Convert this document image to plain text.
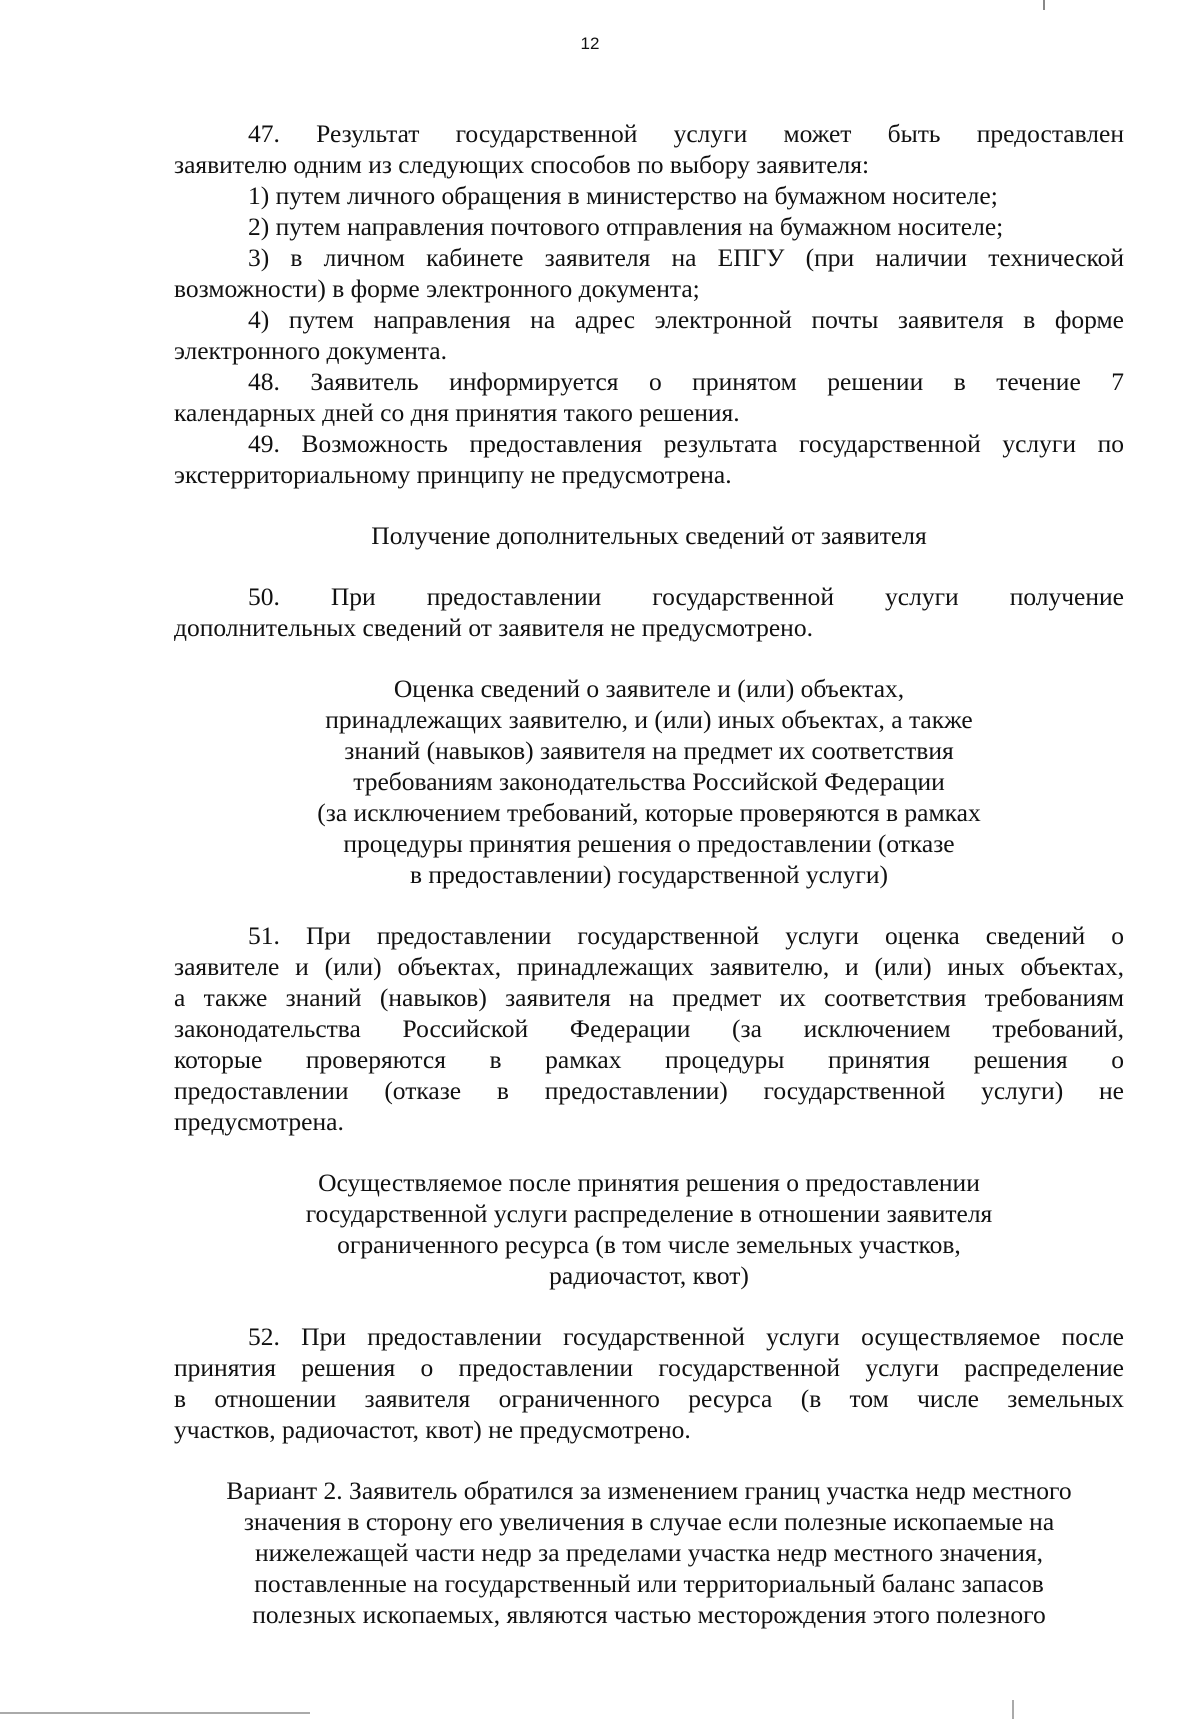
12
47. Результат государственной услуги может быть предоставлен
заявителю одним из следующих способов по выбору заявителя:
1) путем личного обращения в министерство на бумажном носителе;
2) путем направления почтового отправления на бумажном носителе;
3) в личном кабинете заявителя на ЕПГУ (при наличии технической
возможности) в форме электронного документа;
4) путем направления на адрес электронной почты заявителя в форме
электронного документа.
48. Заявитель информируется о принятом решении в течение 7
календарных дней со дня принятия такого решения.
49. Возможность предоставления результата государственной услуги по
экстерриториальному принципу не предусмотрена.
Получение дополнительных сведений от заявителя
50. При предоставлении государственной услуги получение
дополнительных сведений от заявителя не предусмотрено.
Оценка сведений о заявителе и (или) объектах,
принадлежащих заявителю, и (или) иных объектах, а также
знаний (навыков) заявителя на предмет их соответствия
требованиям законодательства Российской Федерации
(за исключением требований, которые проверяются в рамках
процедуры принятия решения о предоставлении (отказе
в предоставлении) государственной услуги)
51. При предоставлении государственной услуги оценка сведений о
заявителе и (или) объектах, принадлежащих заявителю, и (или) иных объектах,
а также знаний (навыков) заявителя на предмет их соответствия требованиям
законодательства Российской Федерации (за исключением требований,
которые проверяются в рамках процедуры принятия решения о
предоставлении (отказе в предоставлении) государственной услуги) не
предусмотрена.
Осуществляемое после принятия решения о предоставлении
государственной услуги распределение в отношении заявителя
ограниченного ресурса (в том числе земельных участков,
радиочастот, квот)
52. При предоставлении государственной услуги осуществляемое после
принятия решения о предоставлении государственной услуги распределение
в отношении заявителя ограниченного ресурса (в том числе земельных
участков, радиочастот, квот) не предусмотрено.
Вариант 2. Заявитель обратился за изменением границ участка недр местного
значения в сторону его увеличения в случае если полезные ископаемые на
нижележащей части недр за пределами участка недр местного значения,
поставленные на государственный или территориальный баланс запасов
полезных ископаемых, являются частью месторождения этого полезного
